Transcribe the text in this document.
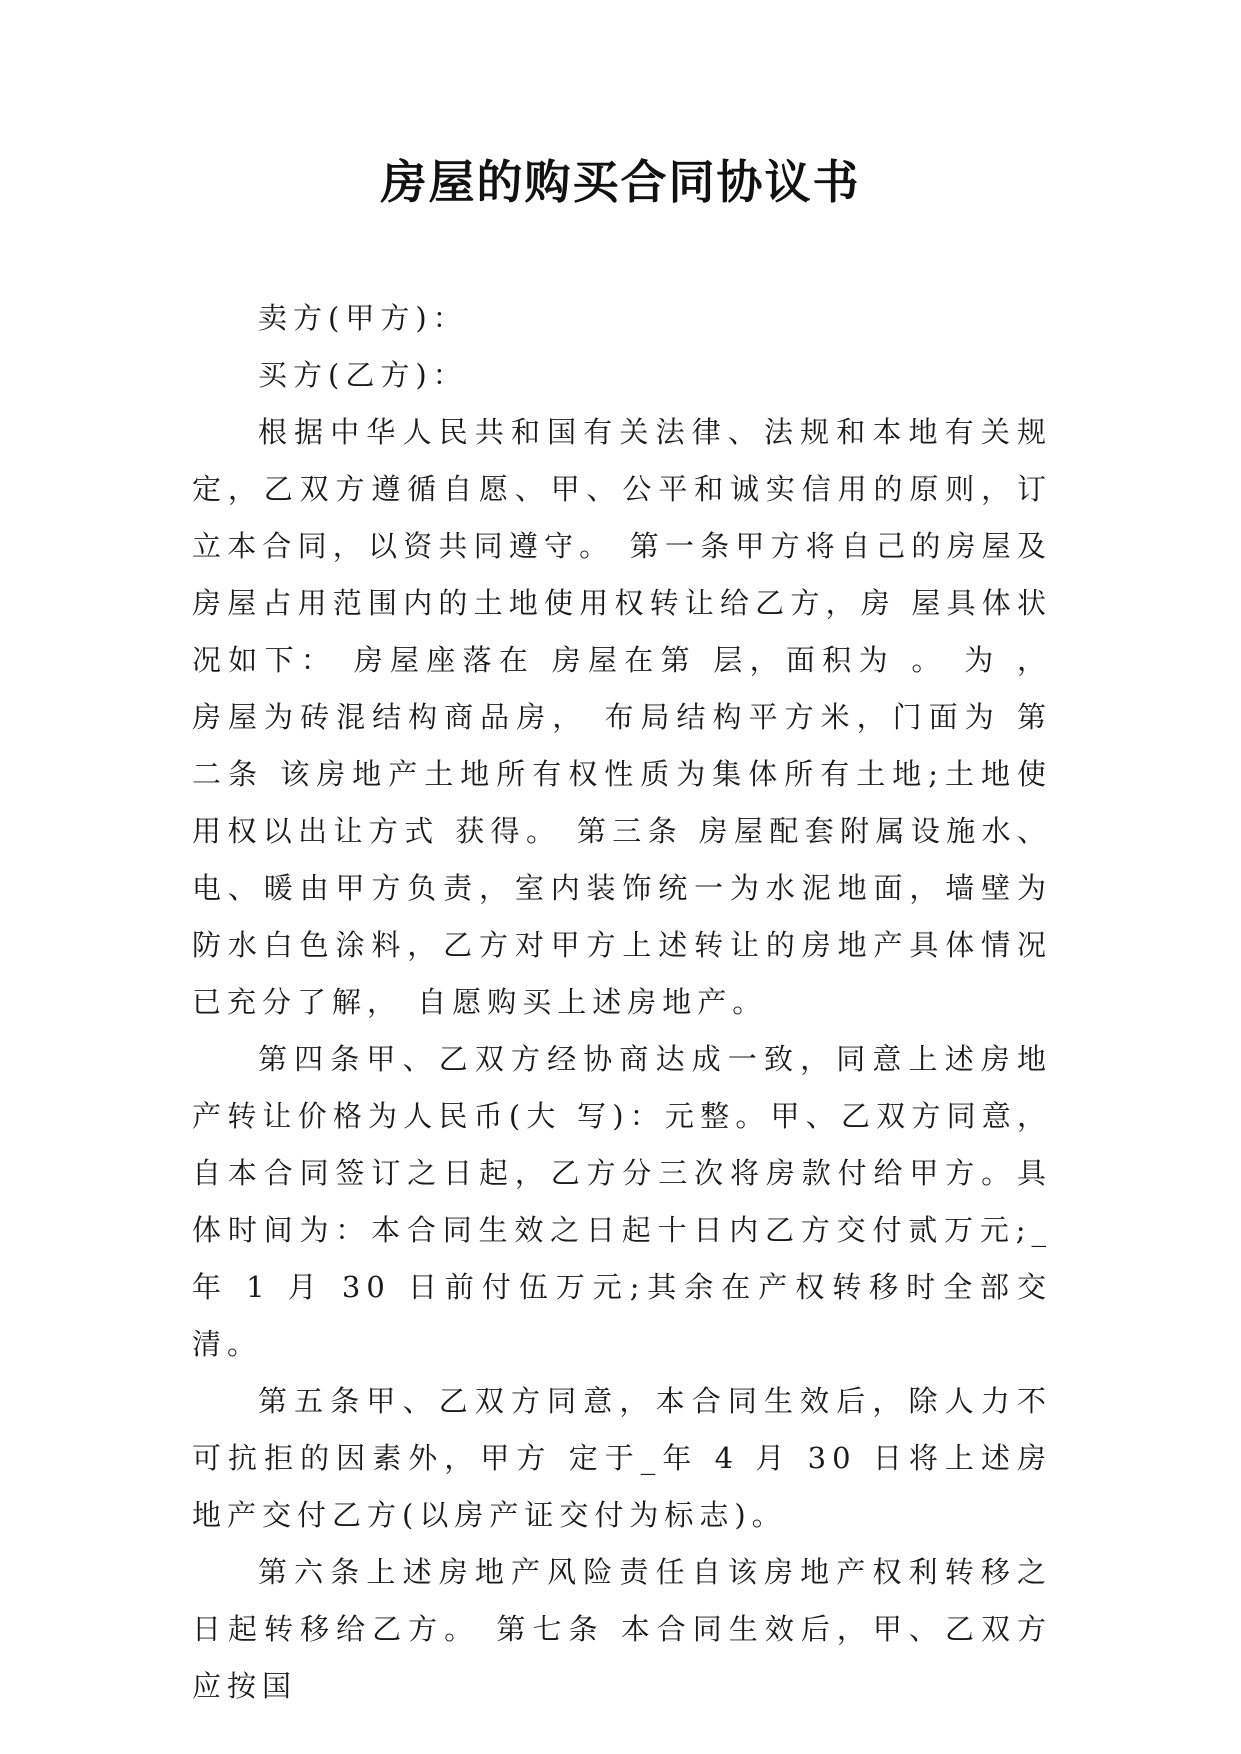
房屋的购买合同协议书

卖方(甲方)：

买方(乙方)：

根据中华人民共和国有关法律、法规和本地有关规定，乙双方遵循自愿、甲、公平和诚实信用的原则，订立本合同，以资共同遵守。 第一条甲方将自己的房屋及房屋占用范围内的土地使用权转让给乙方，房 屋具体状况如下： 房屋座落在 房屋在第 层，面积为 。 为 ，房屋为砖混结构商品房， 布局结构平方米，门面为 第二条 该房地产土地所有权性质为集体所有土地;土地使用权以出让方式 获得。 第三条 房屋配套附属设施水、电、暖由甲方负责，室内装饰统一为水泥地面，墙壁为防水白色涂料，乙方对甲方上述转让的房地产具体情况已充分了解， 自愿购买上述房地产。

第四条甲、乙双方经协商达成一致，同意上述房地产转让价格为人民币(大 写)：元整。甲、乙双方同意，自本合同签订之日起，乙方分三次将房款付给甲方。具体时间为：本合同生效之日起十日内乙方交付贰万元;_年 1 月 30 日前付伍万元;其余在产权转移时全部交清。

第五条甲、乙双方同意，本合同生效后，除人力不可抗拒的因素外，甲方 定于_年 4 月 30 日将上述房地产交付乙方(以房产证交付为标志)。

第六条上述房地产风险责任自该房地产权利转移之日起转移给乙方。 第七条 本合同生效后，甲、乙双方应按国
